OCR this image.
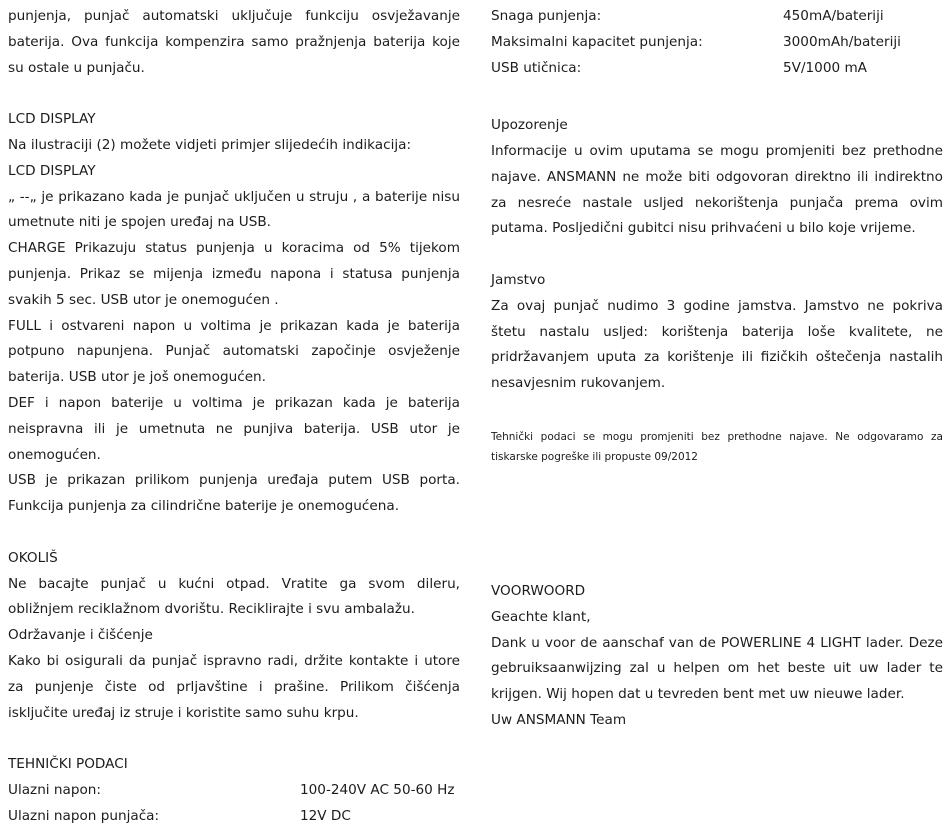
punjenja, punjač automatski uključuje funkciju osvježavanje baterija. Ova funkcija kompenzira samo pražnjenja baterija koje su ostale u punjaču.

LCD DISPLAY

Na ilustraciji (2) možete vidjeti primjer slijedećih indikacija:

LCD DISPLAY

„ --„ je prikazano kada je punjač uključen u struju , a baterije nisu umetnute niti je spojen uređaj na USB.

CHARGE Prikazuju status punjenja u koracima od 5% tijekom punjenja. Prikaz se mijenja između napona i statusa punjenja svakih 5 sec. USB utor je onemogućen .

FULL i ostvareni napon u voltima je prikazan kada je baterija potpuno napunjena. Punjač automatski započinje osvježenje baterija. USB utor je još onemogućen.

DEF i napon baterije u voltima je prikazan kada je baterija neispravna ili je umetnuta ne punjiva baterija. USB utor je onemogućen.

USB je prikazan prilikom punjenja uređaja putem USB porta. Funkcija punjenja za cilindrične baterije je onemogućena.

OKOLIŠ

Ne bacajte punjač u kućni otpad. Vratite ga svom dileru, obližnjem reciklažnom dvorištu. Reciklirajte i svu ambalažu.

Održavanje i čišćenje

Kako bi osigurali da punjač ispravno radi, držite kontakte i utore za punjenje čiste od prljavštine i prašine. Prilikom čišćenja isključite uređaj iz struje i koristite samo suhu krpu.

TEHNIČKI PODACI
Ulazni napon:	100-240V AC 50-60 Hz
Ulazni napon punjača:	12V DC
Snaga punjenja:	450mA/bateriji
Maksimalni kapacitet punjenja:	3000mAh/bateriji
USB utičnica:	5V/1000 mA
Upozorenje

Informacije u ovim uputama se mogu promjeniti bez prethodne najave. ANSMANN ne može biti odgovoran direktno ili indirektno za nesreće nastale usljed nekorištenja punjača prema ovim putama. Posljedični gubitci nisu prihvaćeni u bilo koje vrijeme.

Jamstvo

Za ovaj punjač nudimo 3 godine jamstva. Jamstvo ne pokriva štetu nastalu usljed: korištenja baterija loše kvalitete, ne pridržavanjem uputa za korištenje ili fizičkih oštečenja nastalih nesavjesnim rukovanjem.

Tehnički podaci se mogu promjeniti bez prethodne najave. Ne odgovaramo za tiskarske pogreške ili propuste 09/2012

VOORWOORD

Geachte klant,

Dank u voor de aanschaf van de POWERLINE 4 LIGHT lader. Deze gebruiksaanwijzing zal u helpen om het beste uit uw lader te krijgen. Wij hopen dat u tevreden bent met uw nieuwe lader.

Uw ANSMANN Team
